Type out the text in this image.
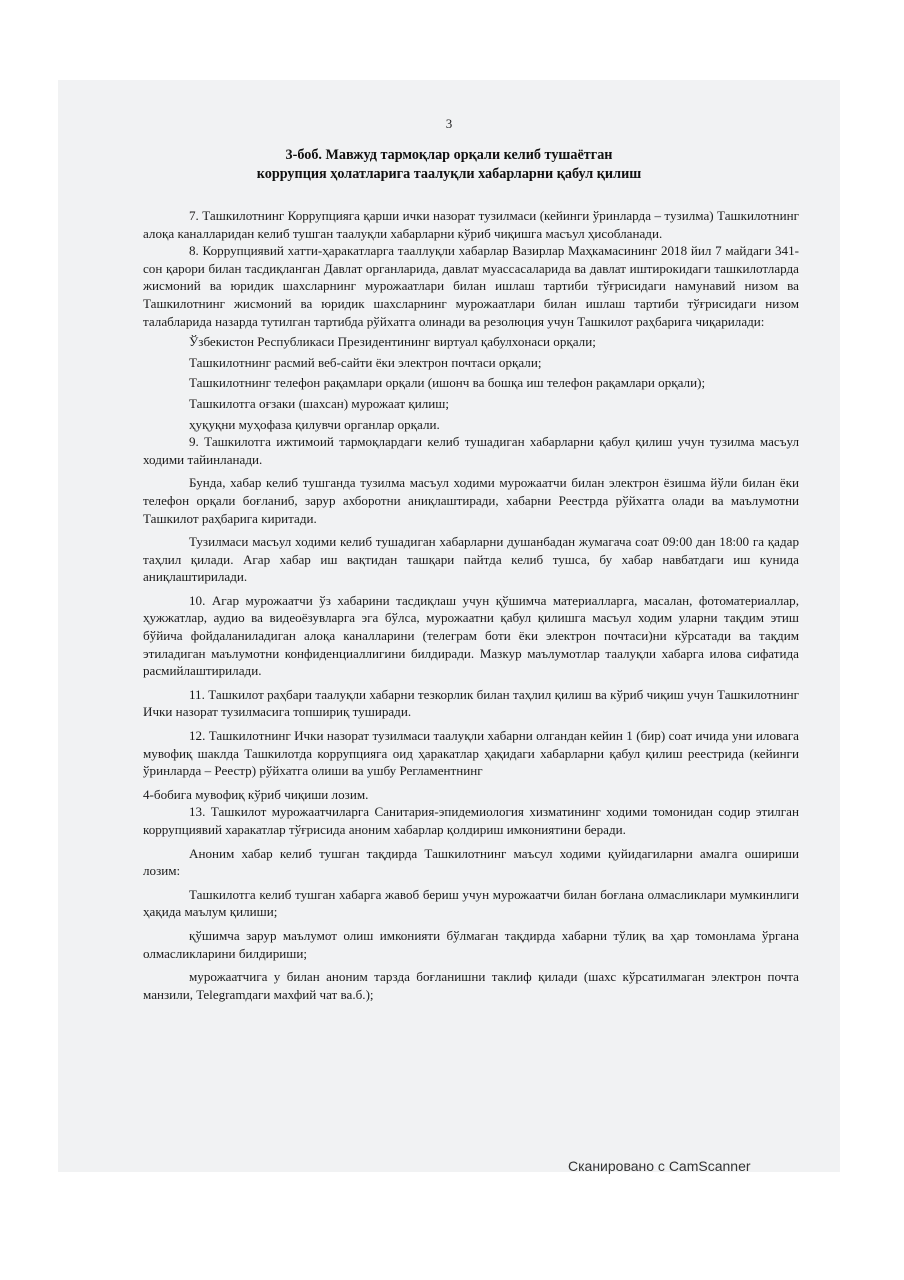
3
3-боб. Мавжуд тармоқлар орқали келиб тушаётган
коррупция ҳолатларига таалуқли хабарларни қабул қилиш

7. Ташкилотнинг Коррупцияга қарши ички назорат тузилмаси (кейинги ўринларда – тузилма) Ташкилотнинг алоқа каналларидан келиб тушган таалуқли хабарларни кўриб чиқишга масъул ҳисобланади.

8. Коррупциявий хатти-ҳаракатларга тааллуқли хабарлар Вазирлар Маҳкамасининг 2018 йил 7 майдаги 341-сон қарори билан тасдиқланган Давлат органларида, давлат муассасаларида ва давлат иштирокидаги ташкилотларда жисмоний ва юридик шахсларнинг мурожаатлари билан ишлаш тартиби тўғрисидаги намунавий низом ва Ташкилотнинг жисмоний ва юридик шахсларнинг мурожаатлари билан ишлаш тартиби тўғрисидаги низом талабларида назарда тутилган тартибда рўйхатга олинади ва резолюция учун Ташкилот раҳбарига чиқарилади:

Ўзбекистон Республикаси Президентининг виртуал қабулхонаси орқали;

Ташкилотнинг расмий веб-сайти ёки электрон почтаси орқали;

Ташкилотнинг телефон рақамлари орқали (ишонч ва бошқа иш телефон рақамлари орқали);

Ташкилотга оғзаки (шахсан) мурожаат қилиш;

ҳуқуқни муҳофаза қилувчи органлар орқали.

9. Ташкилотга ижтимоий тармоқлардаги келиб тушадиган хабарларни қабул қилиш учун тузилма масъул ходими тайинланади.

Бунда, хабар келиб тушганда тузилма масъул ходими мурожаатчи билан электрон ёзишма йўли билан ёки телефон орқали боғланиб, зарур ахборотни аниқлаштиради, хабарни Реестрда рўйхатга олади ва маълумотни Ташкилот раҳбарига киритади.

Тузилмаси масъул ходими келиб тушадиган хабарларни душанбадан жумагача соат 09:00 дан 18:00 га қадар таҳлил қилади. Агар хабар иш вақтидан ташқари пайтда келиб тушса, бу хабар навбатдаги иш кунида аниқлаштирилади.

10. Агар мурожаатчи ўз хабарини тасдиқлаш учун қўшимча материалларга, масалан, фотоматериаллар, ҳужжатлар, аудио ва видеоёзувларга эга бўлса, мурожаатни қабул қилишга масъул ходим уларни тақдим этиш бўйича фойдаланиладиган алоқа каналларини (телеграм боти ёки электрон почтаси)ни кўрсатади ва тақдим этиладиган маълумотни конфиденциаллигини билдиради. Мазкур маълумотлар таалуқли хабарга илова сифатида расмийлаштирилади.

11. Ташкилот раҳбари таалуқли хабарни тезкорлик билан таҳлил қилиш ва кўриб чиқиш учун Ташкилотнинг Ички назорат тузилмасига топшириқ туширади.

12. Ташкилотнинг Ички назорат тузилмаси таалуқли хабарни олгандан кейин 1 (бир) соат ичида уни иловага мувофиқ шаклда Ташкилотда коррупцияга оид ҳаракатлар ҳақидаги хабарларни қабул қилиш реестрида (кейинги ўринларда – Реестр) рўйхатга олиши ва ушбу Регламентнинг

4-бобига мувофиқ кўриб чиқиши лозим.

13. Ташкилот мурожаатчиларга Санитария-эпидемиология хизматининг ходими томонидан содир этилган коррупциявий харакатлар тўғрисида аноним хабарлар қолдириш имкониятини беради.

Аноним хабар келиб тушган тақдирда Ташкилотнинг маъсул ходими қуйидагиларни амалга ошириши лозим:

Ташкилотга келиб тушган хабарга жавоб бериш учун мурожаатчи билан боғлана олмасликлари мумкинлиги ҳақида маълум қилиши;

қўшимча зарур маълумот олиш имконияти бўлмаган тақдирда хабарни тўлиқ ва ҳар томонлама ўргана олмасликларини билдириши;

мурожаатчига у билан аноним тарзда боғланишни таклиф қилади (шахс кўрсатилмаган электрон почта манзили, Telegramдаги махфий чат ва.б.);

Сканировано с CamScanner
